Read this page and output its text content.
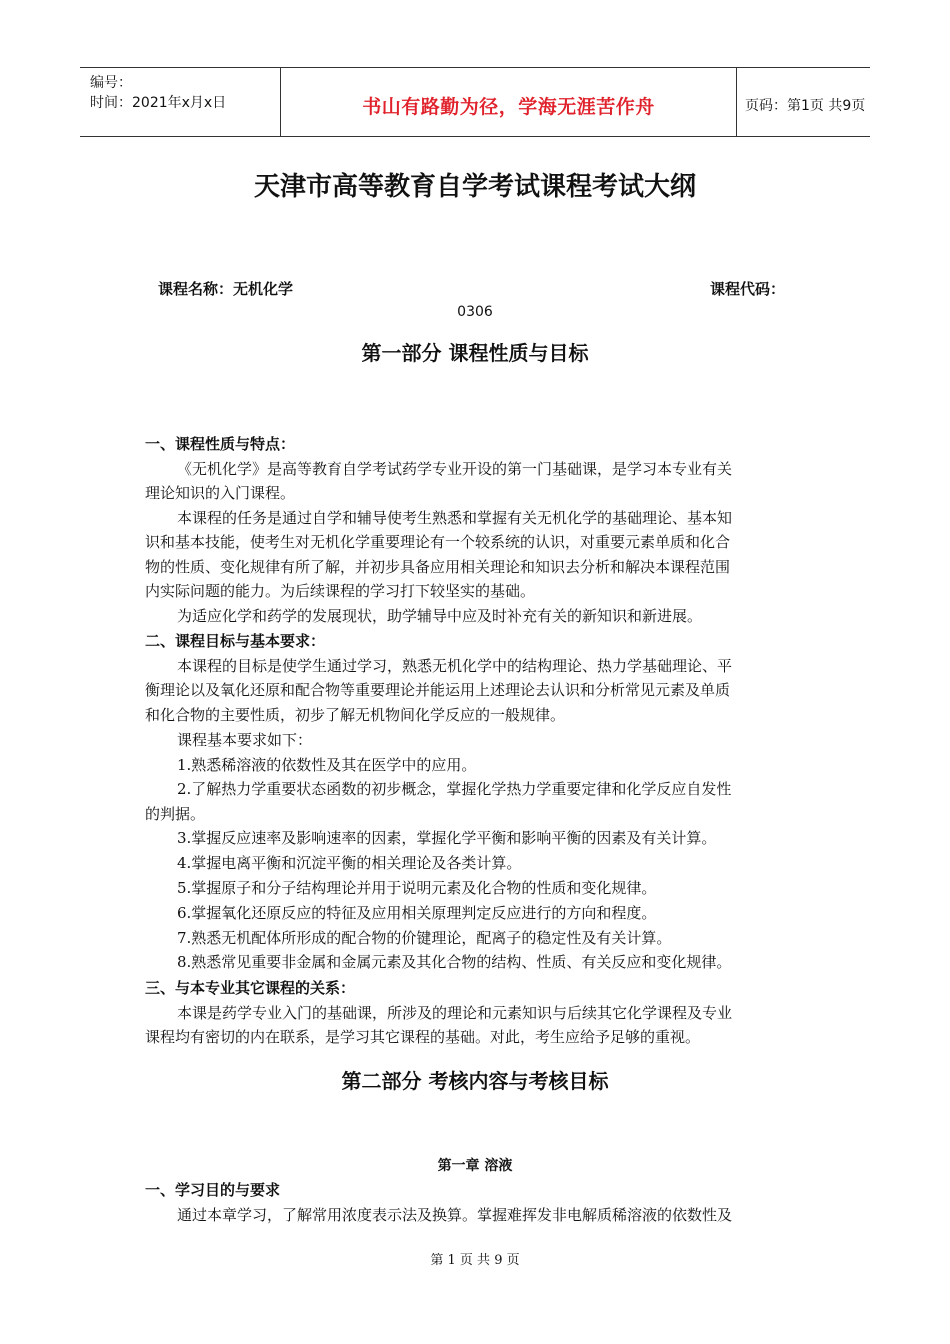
编号：
时间：2021年x月x日	书山有路勤为径，学海无涯苦作舟	页码：第1页 共9页
天津市高等教育自学考试课程考试大纲
课程名称：无机化学	课程代码：
0306
第一部分 课程性质与目标
一、课程性质与特点：
《无机化学》是高等教育自学考试药学专业开设的第一门基础课，是学习本专业有关
理论知识的入门课程。
本课程的任务是通过自学和辅导使考生熟悉和掌握有关无机化学的基础理论、基本知
识和基本技能，使考生对无机化学重要理论有一个较系统的认识，对重要元素单质和化合
物的性质、变化规律有所了解，并初步具备应用相关理论和知识去分析和解决本课程范围
内实际问题的能力。为后续课程的学习打下较坚实的基础。
为适应化学和药学的发展现状，助学辅导中应及时补充有关的新知识和新进展。
二、课程目标与基本要求：
本课程的目标是使学生通过学习，熟悉无机化学中的结构理论、热力学基础理论、平
衡理论以及氧化还原和配合物等重要理论并能运用上述理论去认识和分析常见元素及单质
和化合物的主要性质，初步了解无机物间化学反应的一般规律。
课程基本要求如下：
1.熟悉稀溶液的依数性及其在医学中的应用。
2.了解热力学重要状态函数的初步概念，掌握化学热力学重要定律和化学反应自发性
的判据。
3.掌握反应速率及影响速率的因素，掌握化学平衡和影响平衡的因素及有关计算。
4.掌握电离平衡和沉淀平衡的相关理论及各类计算。
5.掌握原子和分子结构理论并用于说明元素及化合物的性质和变化规律。
6.掌握氧化还原反应的特征及应用相关原理判定反应进行的方向和程度。
7.熟悉无机配体所形成的配合物的价键理论，配离子的稳定性及有关计算。
8.熟悉常见重要非金属和金属元素及其化合物的结构、性质、有关反应和变化规律。
三、与本专业其它课程的关系：
本课是药学专业入门的基础课，所涉及的理论和元素知识与后续其它化学课程及专业
课程均有密切的内在联系，是学习其它课程的基础。对此，考生应给予足够的重视。
第二部分 考核内容与考核目标
第一章 溶液
一、学习目的与要求
通过本章学习，了解常用浓度表示法及换算。掌握难挥发非电解质稀溶液的依数性及
第 1 页 共 9 页
